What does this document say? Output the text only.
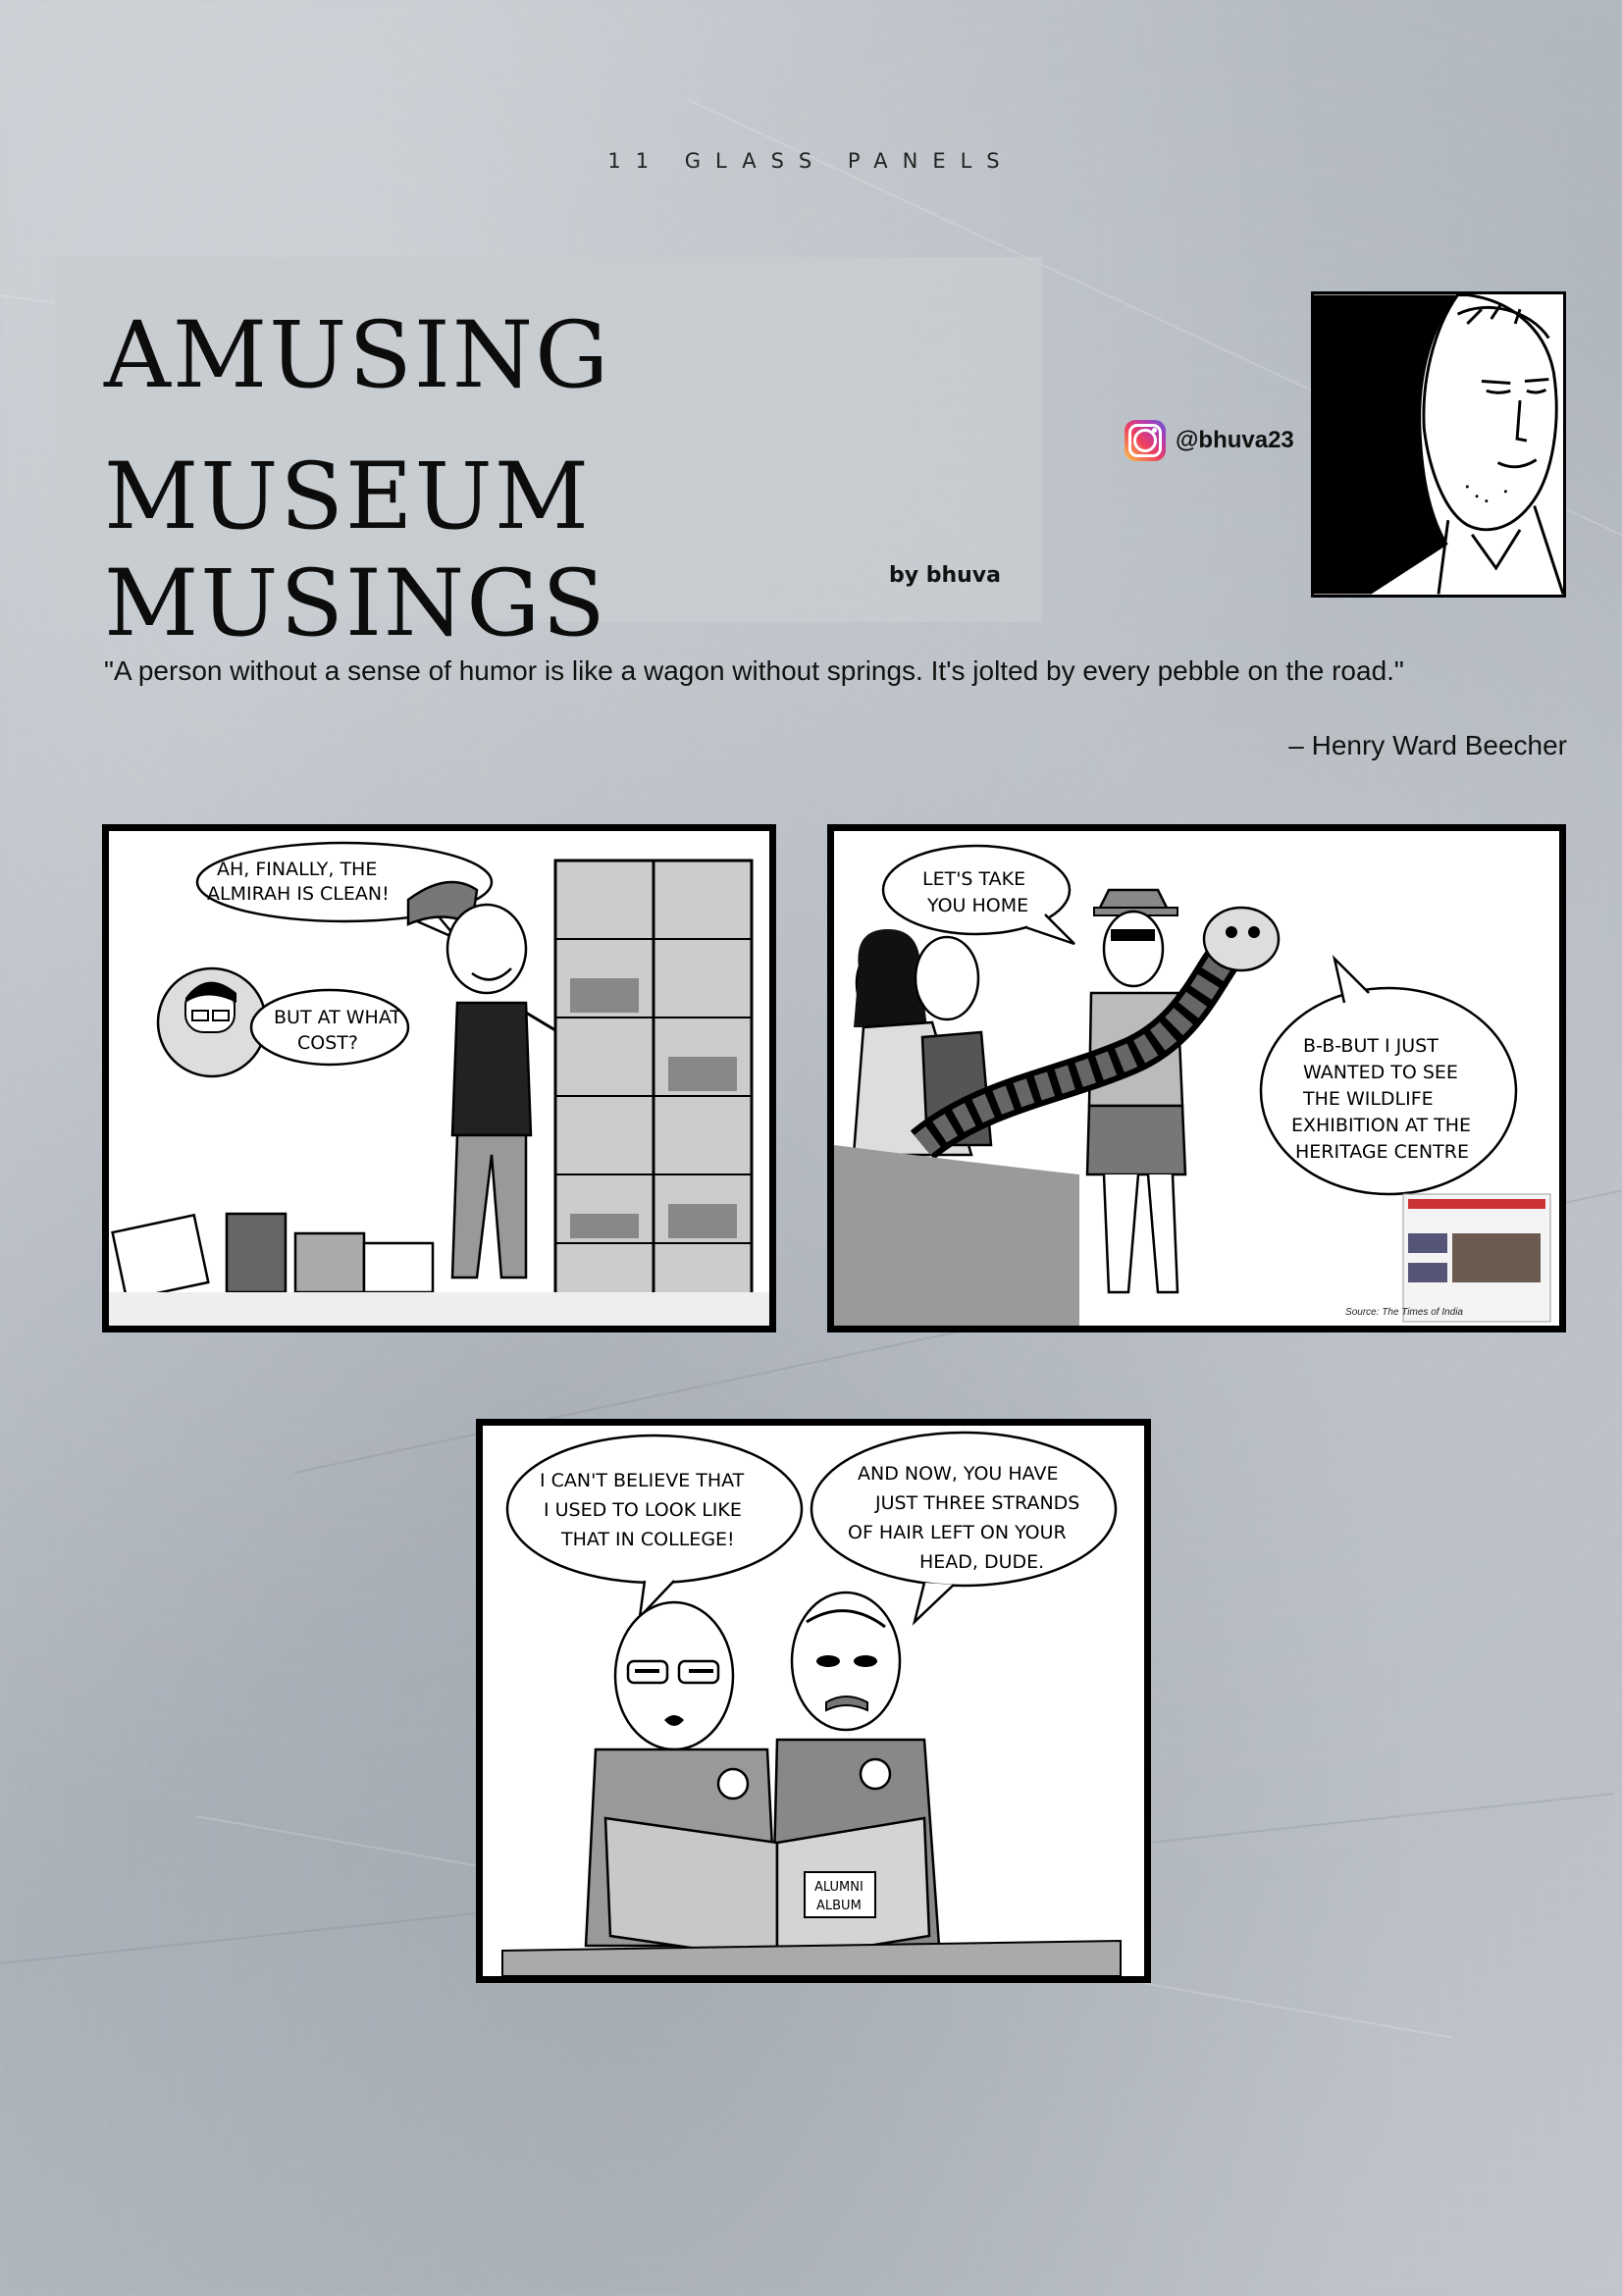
11 GLASS PANELS
AMUSING
MUSEUM MUSINGS	by bhuva
@bhuva23
"A person without a sense of humor is like a wagon without springs. It's jolted by every pebble on the road."
– Henry Ward Beecher
AH, FINALLY, THE
ALMIRAH IS CLEAN!
BUT AT WHAT
COST?
LET'S TAKE
YOU HOME
B-B-BUT I JUST
WANTED TO SEE
THE WILDLIFE
EXHIBITION AT THE
HERITAGE CENTRE
Source: The Times of India
I CAN'T BELIEVE THAT
I USED TO LOOK LIKE
THAT IN COLLEGE!
AND NOW, YOU HAVE
JUST THREE STRANDS
OF HAIR LEFT ON YOUR
HEAD, DUDE.
ALUMNI
ALBUM
